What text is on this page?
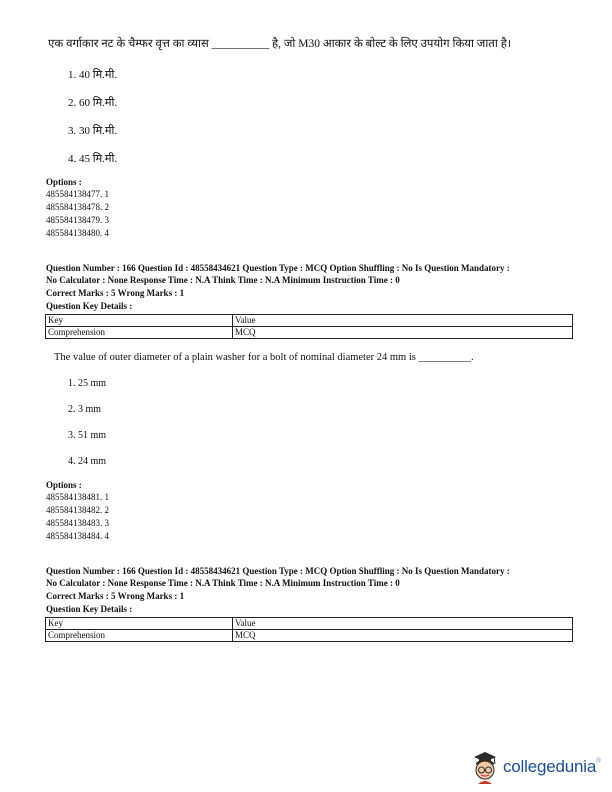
एक वर्गाकार नट के चैम्फर वृत्त का व्यास __________ है, जो M30 आकार के बोल्ट के लिए उपयोग किया जाता है।
1. 40 मि.मी.
2. 60 मि.मी.
3. 30 मि.मी.
4. 45 मि.मी.
Options :
485584138477. 1
485584138478. 2
485584138479. 3
485584138480. 4
Question Number : 166 Question Id : 48558434621 Question Type : MCQ Option Shuffling : No Is Question Mandatory :
No Calculator : None Response Time : N.A Think Time : N.A Minimum Instruction Time : 0
Correct Marks : 5 Wrong Marks : 1
Question Key Details :
Key	Value
Comprehension	MCQ
The value of outer diameter of a plain washer for a bolt of nominal diameter 24 mm is __________.
1. 25 mm
2. 3 mm
3. 51 mm
4. 24 mm
Options :
485584138481. 1
485584138482. 2
485584138483. 3
485584138484. 4
Question Number : 166 Question Id : 48558434621 Question Type : MCQ Option Shuffling : No Is Question Mandatory :
No Calculator : None Response Time : N.A Think Time : N.A Minimum Instruction Time : 0
Correct Marks : 5 Wrong Marks : 1
Question Key Details :
Key	Value
Comprehension	MCQ
collegeduniaⓇ
